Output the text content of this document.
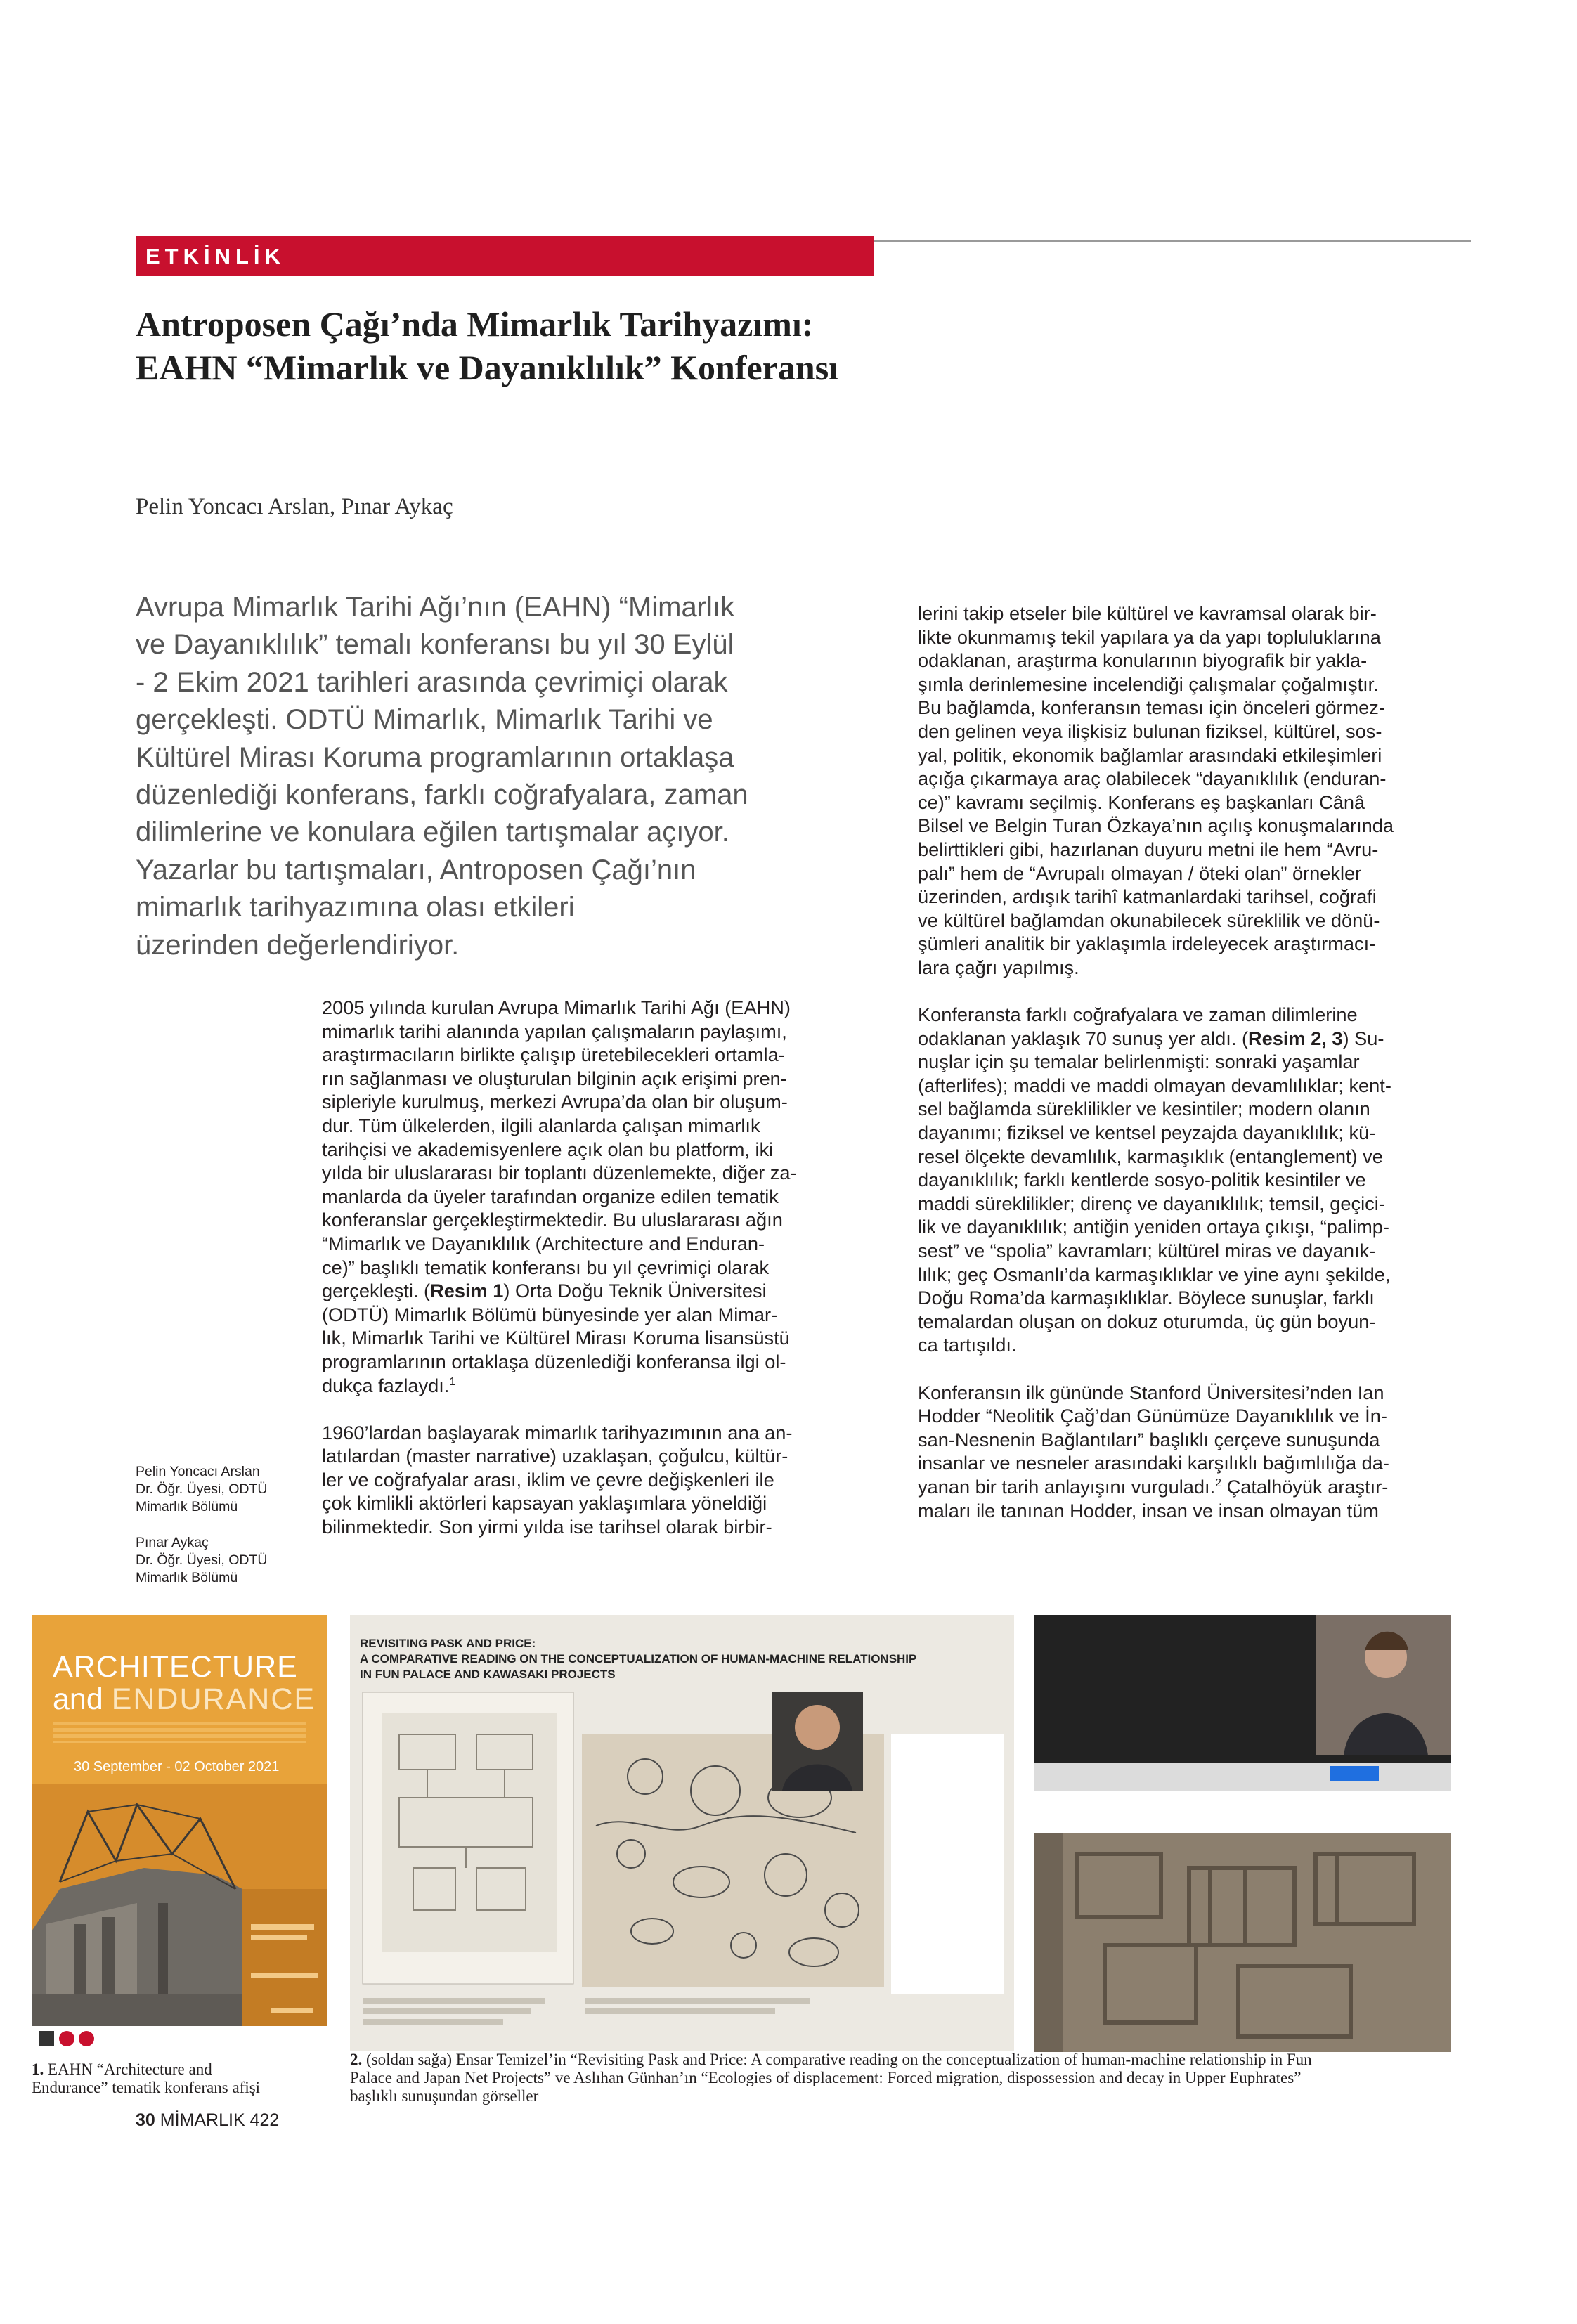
ETKİNLİK
Antroposen Çağı’nda Mimarlık Tarihyazımı:
EAHN “Mimarlık ve Dayanıklılık” Konferansı
Pelin Yoncacı Arslan, Pınar Aykaç

Avrupa Mimarlık Tarihi Ağı’nın (EAHN) “Mimarlık

ve Dayanıklılık” temalı konferansı bu yıl 30 Eylül

- 2 Ekim 2021 tarihleri arasında çevrimiçi olarak

gerçekleşti. ODTÜ Mimarlık, Mimarlık Tarihi ve

Kültürel Mirası Koruma programlarının ortaklaşa

düzenlediği konferans, farklı coğrafyalara, zaman

dilimlerine ve konulara eğilen tartışmalar açıyor.

Yazarlar bu tartışmaları, Antroposen Çağı’nın

mimarlık tarihyazımına olası etkileri

üzerinden değerlendiriyor.

2005 yılında kurulan Avrupa Mimarlık Tarihi Ağı (EAHN)

mimarlık tarihi alanında yapılan çalışmaların paylaşımı,

araştırmacıların birlikte çalışıp üretebilecekleri ortamla-

rın sağlanması ve oluşturulan bilginin açık erişimi pren-

sipleriyle kurulmuş, merkezi Avrupa’da olan bir oluşum-

dur. Tüm ülkelerden, ilgili alanlarda çalışan mimarlık

tarihçisi ve akademisyenlere açık olan bu platform, iki

yılda bir uluslararası bir toplantı düzenlemekte, diğer za-

manlarda da üyeler tarafından organize edilen tematik

konferanslar gerçekleştirmektedir. Bu uluslararası ağın

“Mimarlık ve Dayanıklılık (Architecture and Enduran-

ce)” başlıklı tematik konferansı bu yıl çevrimiçi olarak

gerçekleşti. (Resim 1) Orta Doğu Teknik Üniversitesi

(ODTÜ) Mimarlık Bölümü bünyesinde yer alan Mimar-

lık, Mimarlık Tarihi ve Kültürel Mirası Koruma lisansüstü

programlarının ortaklaşa düzenlediği konferansa ilgi ol-

dukça fazlaydı.$^1$

1960’lardan başlayarak mimarlık tarihyazımının ana an-

latılardan (master narrative) uzaklaşan, çoğulcu, kültür-

ler ve coğrafyalar arası, iklim ve çevre değişkenleri ile

çok kimlikli aktörleri kapsayan yaklaşımlara yöneldiği

bilinmektedir. Son yirmi yılda ise tarihsel olarak birbir-

lerini takip etseler bile kültürel ve kavramsal olarak bir-

likte okunmamış tekil yapılara ya da yapı topluluklarına

odaklanan, araştırma konularının biyografik bir yakla-

şımla derinlemesine incelendiği çalışmalar çoğalmıştır.

Bu bağlamda, konferansın teması için önceleri görmez-

den gelinen veya ilişkisiz bulunan fiziksel, kültürel, sos-

yal, politik, ekonomik bağlamlar arasındaki etkileşimleri

açığa çıkarmaya araç olabilecek “dayanıklılık (enduran-

ce)” kavramı seçilmiş. Konferans eş başkanları Cânâ

Bilsel ve Belgin Turan Özkaya’nın açılış konuşmalarında

belirttikleri gibi, hazırlanan duyuru metni ile hem “Avru-

palı” hem de “Avrupalı olmayan / öteki olan” örnekler

üzerinden, ardışık tarihî katmanlardaki tarihsel, coğrafi

ve kültürel bağlamdan okunabilecek süreklilik ve dönü-

şümleri analitik bir yaklaşımla irdeleyecek araştırmacı-

lara çağrı yapılmış.

Konferansta farklı coğrafyalara ve zaman dilimlerine

odaklanan yaklaşık 70 sunuş yer aldı. (Resim 2, 3) Su-

nuşlar için şu temalar belirlenmişti: sonraki yaşamlar

(afterlifes); maddi ve maddi olmayan devamlılıklar; kent-

sel bağlamda süreklilikler ve kesintiler; modern olanın

dayanımı; fiziksel ve kentsel peyzajda dayanıklılık; kü-

resel ölçekte devamlılık, karmaşıklık (entanglement) ve

dayanıklılık; farklı kentlerde sosyo-politik kesintiler ve

maddi süreklilikler; direnç ve dayanıklılık; temsil, geçici-

lik ve dayanıklılık; antiğin yeniden ortaya çıkışı, “palimp-

sest” ve “spolia” kavramları; kültürel miras ve dayanık-

lılık; geç Osmanlı’da karmaşıklıklar ve yine aynı şekilde,

Doğu Roma’da karmaşıklıklar. Böylece sunuşlar, farklı

temalardan oluşan on dokuz oturumda, üç gün boyun-

ca tartışıldı.

Konferansın ilk gününde Stanford Üniversitesi’nden Ian

Hodder “Neolitik Çağ’dan Günümüze Dayanıklılık ve İn-

san-Nesnenin Bağlantıları” başlıklı çerçeve sunuşunda

insanlar ve nesneler arasındaki karşılıklı bağımlılığa da-

yanan bir tarih anlayışını vurguladı.$^2$ Çatalhöyük araştır-

maları ile tanınan Hodder, insan ve insan olmayan tüm

Pelin Yoncacı Arslan
Dr. Öğr. Üyesi, ODTÜ
Mimarlık Bölümü
Pınar Aykaç
Dr. Öğr. Üyesi, ODTÜ
Mimarlık Bölümü
ARCHITECTURE
and ENDURANCE
30 September - 02 October 2021
REVISITING PASK AND PRICE:
A COMPARATIVE READING ON THE CONCEPTUALIZATION OF HUMAN-MACHINE RELATIONSHIP
IN FUN PALACE AND KAWASAKI PROJECTS
1. EAHN “Architecture and
Endurance” tematik konferans afişi
2. (soldan sağa) Ensar Temizel’in “Revisiting Pask and Price: A comparative reading on the conceptualization of human-machine relationship in Fun
Palace and Japan Net Projects” ve Aslıhan Günhan’ın “Ecologies of displacement: Forced migration, dispossession and decay in Upper Euphrates”
başlıklı sunuşundan görseller
30 MİMARLIK 422
